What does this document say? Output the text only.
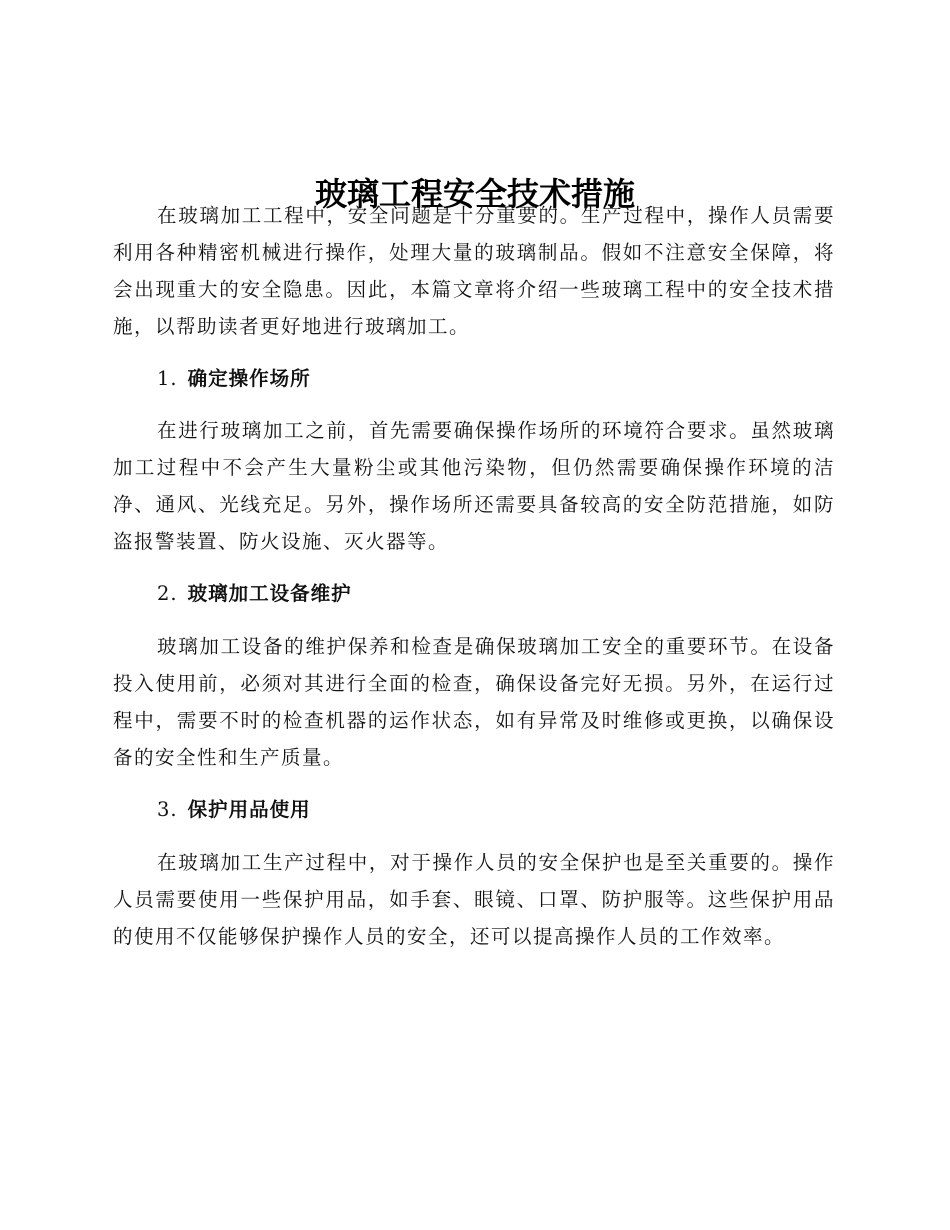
玻璃工程安全技术措施

在玻璃加工工程中，安全问题是十分重要的。生产过程中，操作人员需要利用各种精密机械进行操作，处理大量的玻璃制品。假如不注意安全保障，将会出现重大的安全隐患。因此，本篇文章将介绍一些玻璃工程中的安全技术措施，以帮助读者更好地进行玻璃加工。

1. 确定操作场所

在进行玻璃加工之前，首先需要确保操作场所的环境符合要求。虽然玻璃加工过程中不会产生大量粉尘或其他污染物，但仍然需要确保操作环境的洁净、通风、光线充足。另外，操作场所还需要具备较高的安全防范措施，如防盗报警装置、防火设施、灭火器等。

2. 玻璃加工设备维护

玻璃加工设备的维护保养和检查是确保玻璃加工安全的重要环节。在设备投入使用前，必须对其进行全面的检查，确保设备完好无损。另外，在运行过程中，需要不时的检查机器的运作状态，如有异常及时维修或更换，以确保设备的安全性和生产质量。

3. 保护用品使用

在玻璃加工生产过程中，对于操作人员的安全保护也是至关重要的。操作人员需要使用一些保护用品，如手套、眼镜、口罩、防护服等。这些保护用品的使用不仅能够保护操作人员的安全，还可以提高操作人员的工作效率。
